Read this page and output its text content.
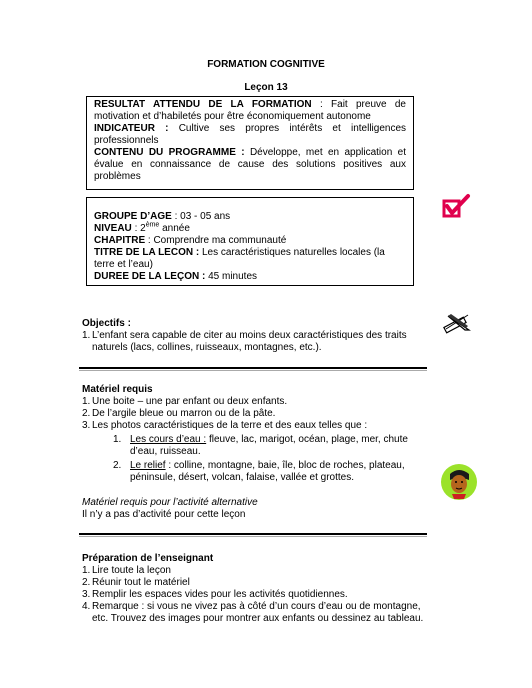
FORMATION COGNITIVE
Leçon 13

RESULTAT ATTENDU DE LA FORMATION : Fait preuve de motivation et d’habiletés pour être économiquement autonome

INDICATEUR : Cultive ses propres intérêts et intelligences professionnels

CONTENU DU PROGRAMME : Développe, met en application et évalue en connaissance de cause des solutions positives aux problèmes

GROUPE D’AGE : 03 - 05 ans

NIVEAU : 2ème année

CHAPITRE : Comprendre ma communauté

TITRE DE LA LECON : Les caractéristiques naturelles locales (la terre et l’eau)

DUREE DE LA LEÇON : 45 minutes

Objectifs :
1. L’enfant sera capable de citer au moins deux caractéristiques des traits naturels (lacs, collines, ruisseaux, montagnes, etc.).
Matériel requis
1. Une boite – une par enfant ou deux enfants.
2. De l’argile bleue ou marron ou de la pâte.
3. Les photos caractéristiques de la terre et des eaux telles que :
1. Les cours d’eau : fleuve, lac, marigot, océan, plage, mer, chute d’eau, ruisseau.
2. Le relief : colline, montagne, baie, île, bloc de roches, plateau, péninsule, désert, volcan, falaise, vallée et grottes.
Matériel requis pour l’activité alternative
Il n’y a pas d’activité pour cette leçon
Préparation de l’enseignant
1. Lire toute la leçon
2. Réunir tout le matériel
3. Remplir les espaces vides pour les activités quotidiennes.
4. Remarque : si vous ne vivez pas à côté d’un cours d’eau ou de montagne, etc. Trouvez des images pour montrer aux enfants ou dessinez au tableau.
